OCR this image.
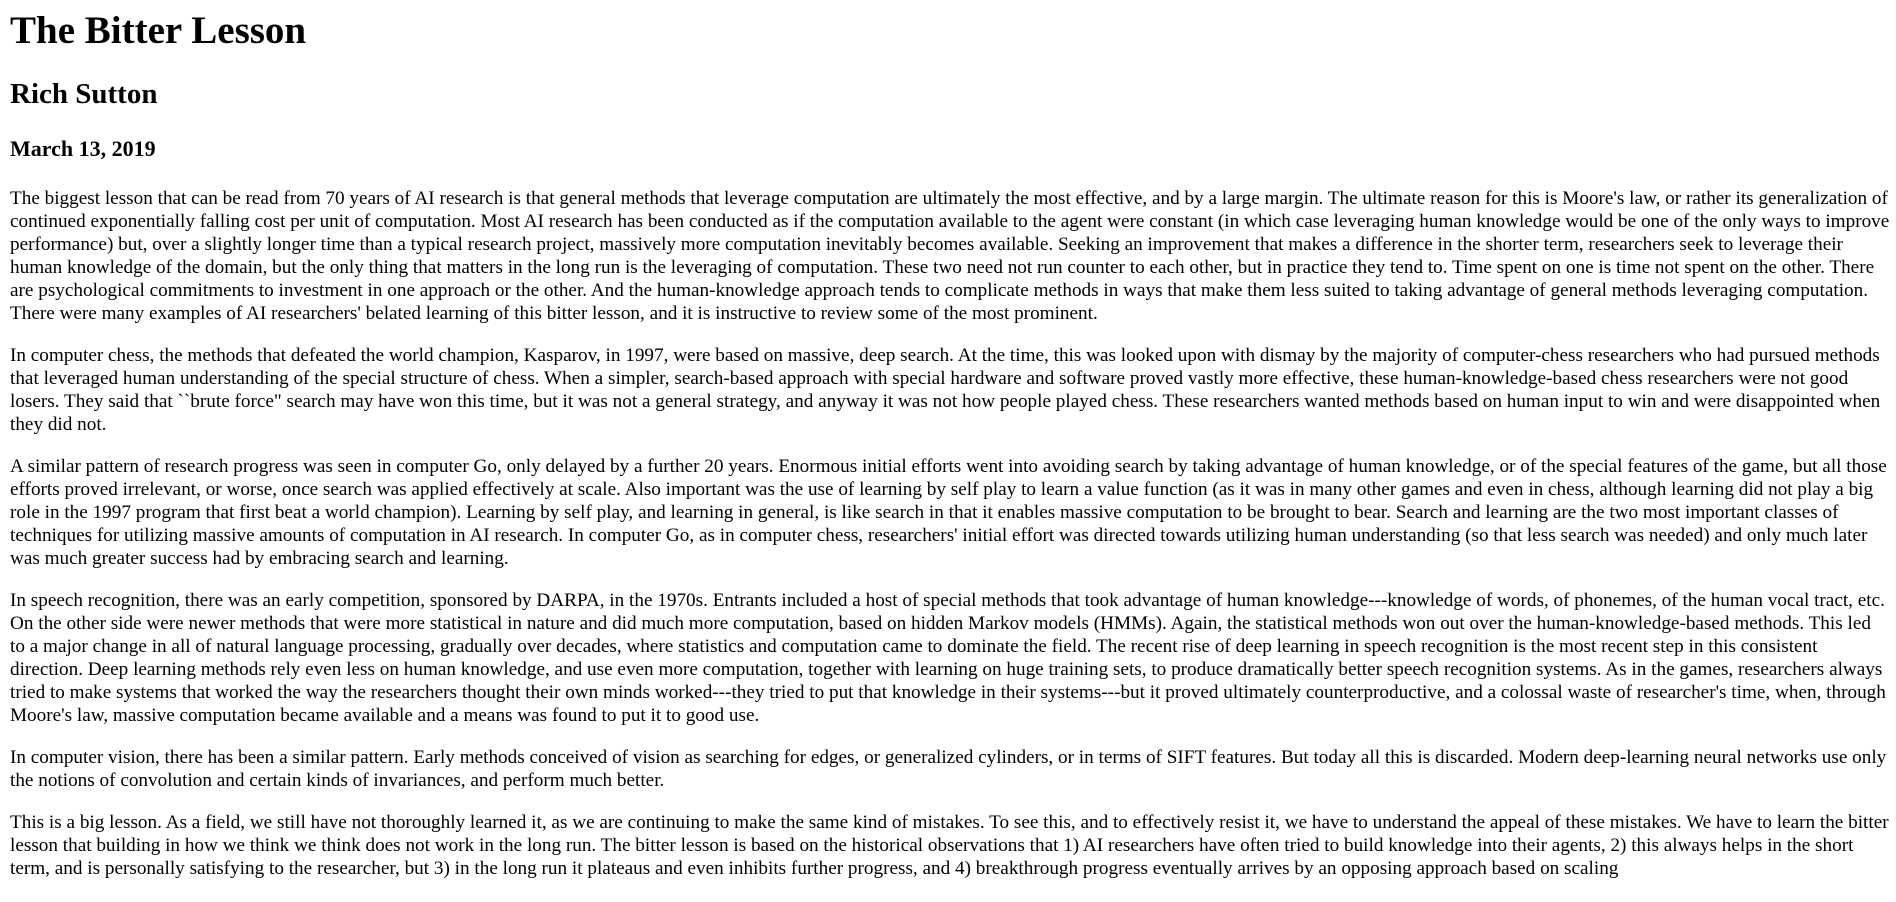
The Bitter Lesson
Rich Sutton
March 13, 2019

The biggest lesson that can be read from 70 years of AI research is that general methods that leverage computation are ultimately the most effective, and by a large margin. The ultimate reason for this is Moore's law, or rather its generalization of continued exponentially falling cost per unit of computation. Most AI research has been conducted as if the computation available to the agent were constant (in which case leveraging human knowledge would be one of the only ways to improve performance) but, over a slightly longer time than a typical research project, massively more computation inevitably becomes available. Seeking an improvement that makes a difference in the shorter term, researchers seek to leverage their human knowledge of the domain, but the only thing that matters in the long run is the leveraging of computation. These two need not run counter to each other, but in practice they tend to. Time spent on one is time not spent on the other. There are psychological commitments to investment in one approach or the other. And the human-knowledge approach tends to complicate methods in ways that make them less suited to taking advantage of general methods leveraging computation. There were many examples of AI researchers' belated learning of this bitter lesson, and it is instructive to review some of the most prominent.

In computer chess, the methods that defeated the world champion, Kasparov, in 1997, were based on massive, deep search. At the time, this was looked upon with dismay by the majority of computer-chess researchers who had pursued methods that leveraged human understanding of the special structure of chess. When a simpler, search-based approach with special hardware and software proved vastly more effective, these human-knowledge-based chess researchers were not good losers. They said that ``brute force" search may have won this time, but it was not a general strategy, and anyway it was not how people played chess. These researchers wanted methods based on human input to win and were disappointed when they did not.

A similar pattern of research progress was seen in computer Go, only delayed by a further 20 years. Enormous initial efforts went into avoiding search by taking advantage of human knowledge, or of the special features of the game, but all those efforts proved irrelevant, or worse, once search was applied effectively at scale. Also important was the use of learning by self play to learn a value function (as it was in many other games and even in chess, although learning did not play a big role in the 1997 program that first beat a world champion). Learning by self play, and learning in general, is like search in that it enables massive computation to be brought to bear. Search and learning are the two most important classes of techniques for utilizing massive amounts of computation in AI research. In computer Go, as in computer chess, researchers' initial effort was directed towards utilizing human understanding (so that less search was needed) and only much later was much greater success had by embracing search and learning.

In speech recognition, there was an early competition, sponsored by DARPA, in the 1970s. Entrants included a host of special methods that took advantage of human knowledge---knowledge of words, of phonemes, of the human vocal tract, etc. On the other side were newer methods that were more statistical in nature and did much more computation, based on hidden Markov models (HMMs). Again, the statistical methods won out over the human-knowledge-based methods. This led to a major change in all of natural language processing, gradually over decades, where statistics and computation came to dominate the field. The recent rise of deep learning in speech recognition is the most recent step in this consistent direction. Deep learning methods rely even less on human knowledge, and use even more computation, together with learning on huge training sets, to produce dramatically better speech recognition systems. As in the games, researchers always tried to make systems that worked the way the researchers thought their own minds worked---they tried to put that knowledge in their systems---but it proved ultimately counterproductive, and a colossal waste of researcher's time, when, through Moore's law, massive computation became available and a means was found to put it to good use.

In computer vision, there has been a similar pattern. Early methods conceived of vision as searching for edges, or generalized cylinders, or in terms of SIFT features. But today all this is discarded. Modern deep-learning neural networks use only the notions of convolution and certain kinds of invariances, and perform much better.

This is a big lesson. As a field, we still have not thoroughly learned it, as we are continuing to make the same kind of mistakes. To see this, and to effectively resist it, we have to understand the appeal of these mistakes. We have to learn the bitter lesson that building in how we think we think does not work in the long run. The bitter lesson is based on the historical observations that 1) AI researchers have often tried to build knowledge into their agents, 2) this always helps in the short term, and is personally satisfying to the researcher, but 3) in the long run it plateaus and even inhibits further progress, and 4) breakthrough progress eventually arrives by an opposing approach based on scaling
